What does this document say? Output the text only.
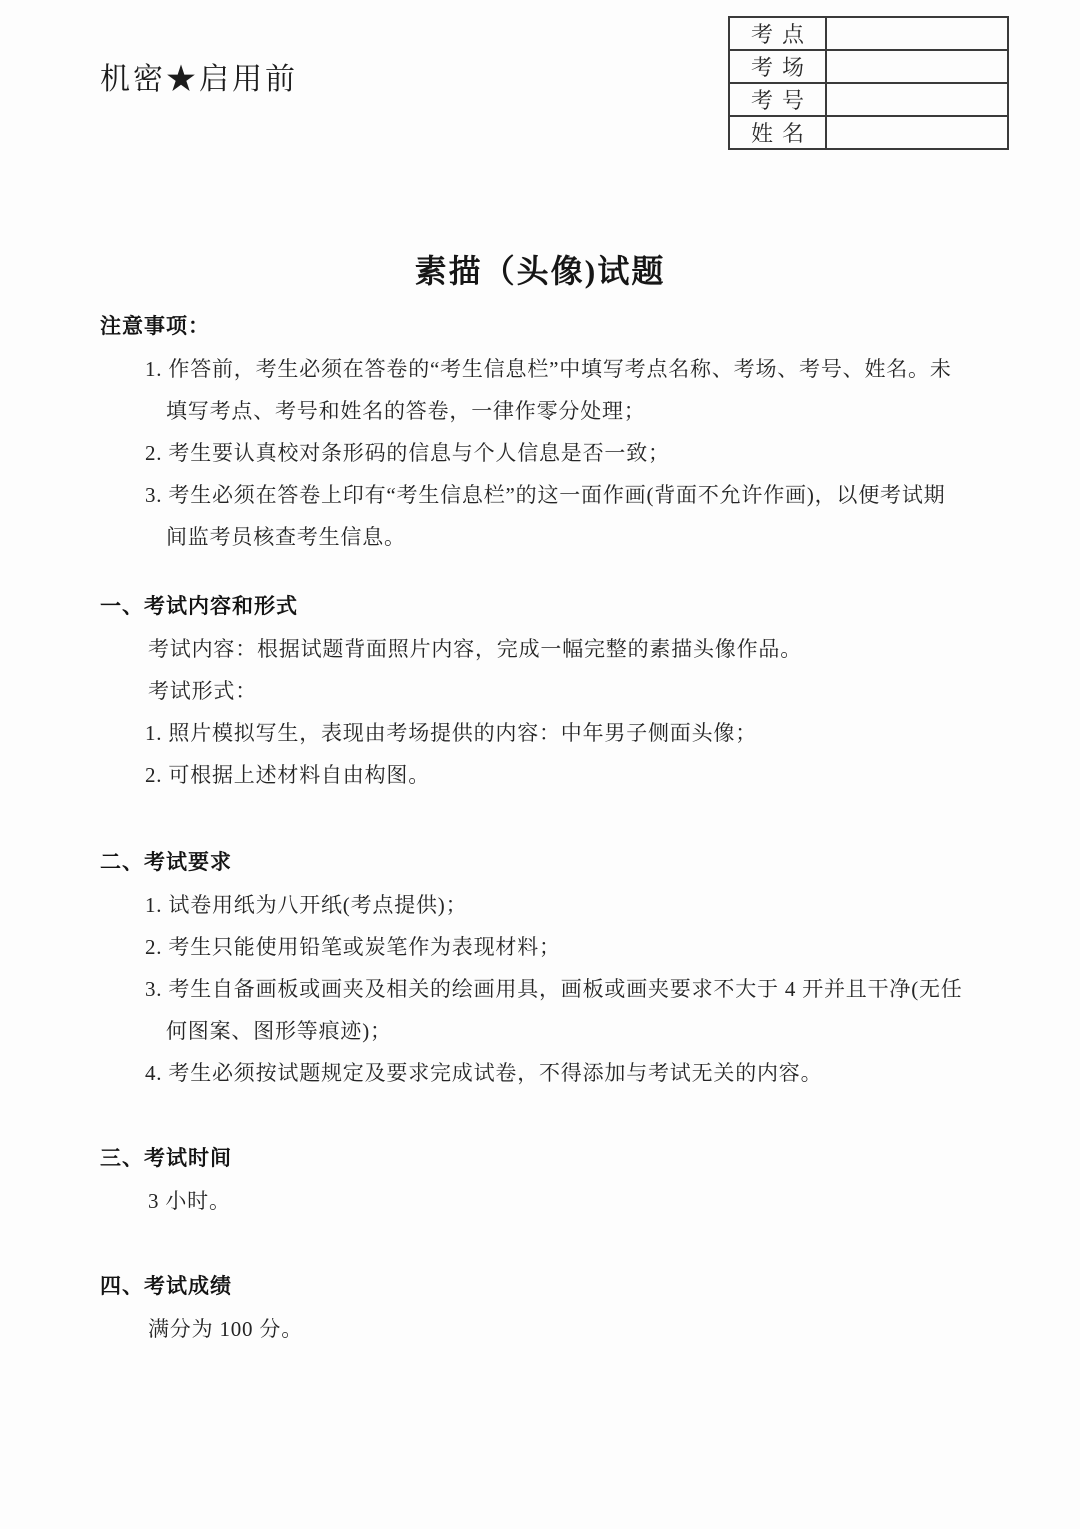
机密★启用前
考点	
考场	
考号	
姓名	
素描（头像)试题
注意事项：
1. 作答前，考生必须在答卷的“考生信息栏”中填写考点名称、考场、考号、姓名。未
填写考点、考号和姓名的答卷，一律作零分处理；
2. 考生要认真校对条形码的信息与个人信息是否一致；
3. 考生必须在答卷上印有“考生信息栏”的这一面作画(背面不允许作画)，以便考试期
间监考员核查考生信息。
一、考试内容和形式
考试内容：根据试题背面照片内容，完成一幅完整的素描头像作品。
考试形式：
1. 照片模拟写生，表现由考场提供的内容：中年男子侧面头像；
2. 可根据上述材料自由构图。
二、考试要求
1. 试卷用纸为八开纸(考点提供)；
2. 考生只能使用铅笔或炭笔作为表现材料；
3. 考生自备画板或画夹及相关的绘画用具，画板或画夹要求不大于 4 开并且干净(无任
何图案、图形等痕迹)；
4. 考生必须按试题规定及要求完成试卷，不得添加与考试无关的内容。
三、考试时间
3 小时。
四、考试成绩
满分为 100 分。
